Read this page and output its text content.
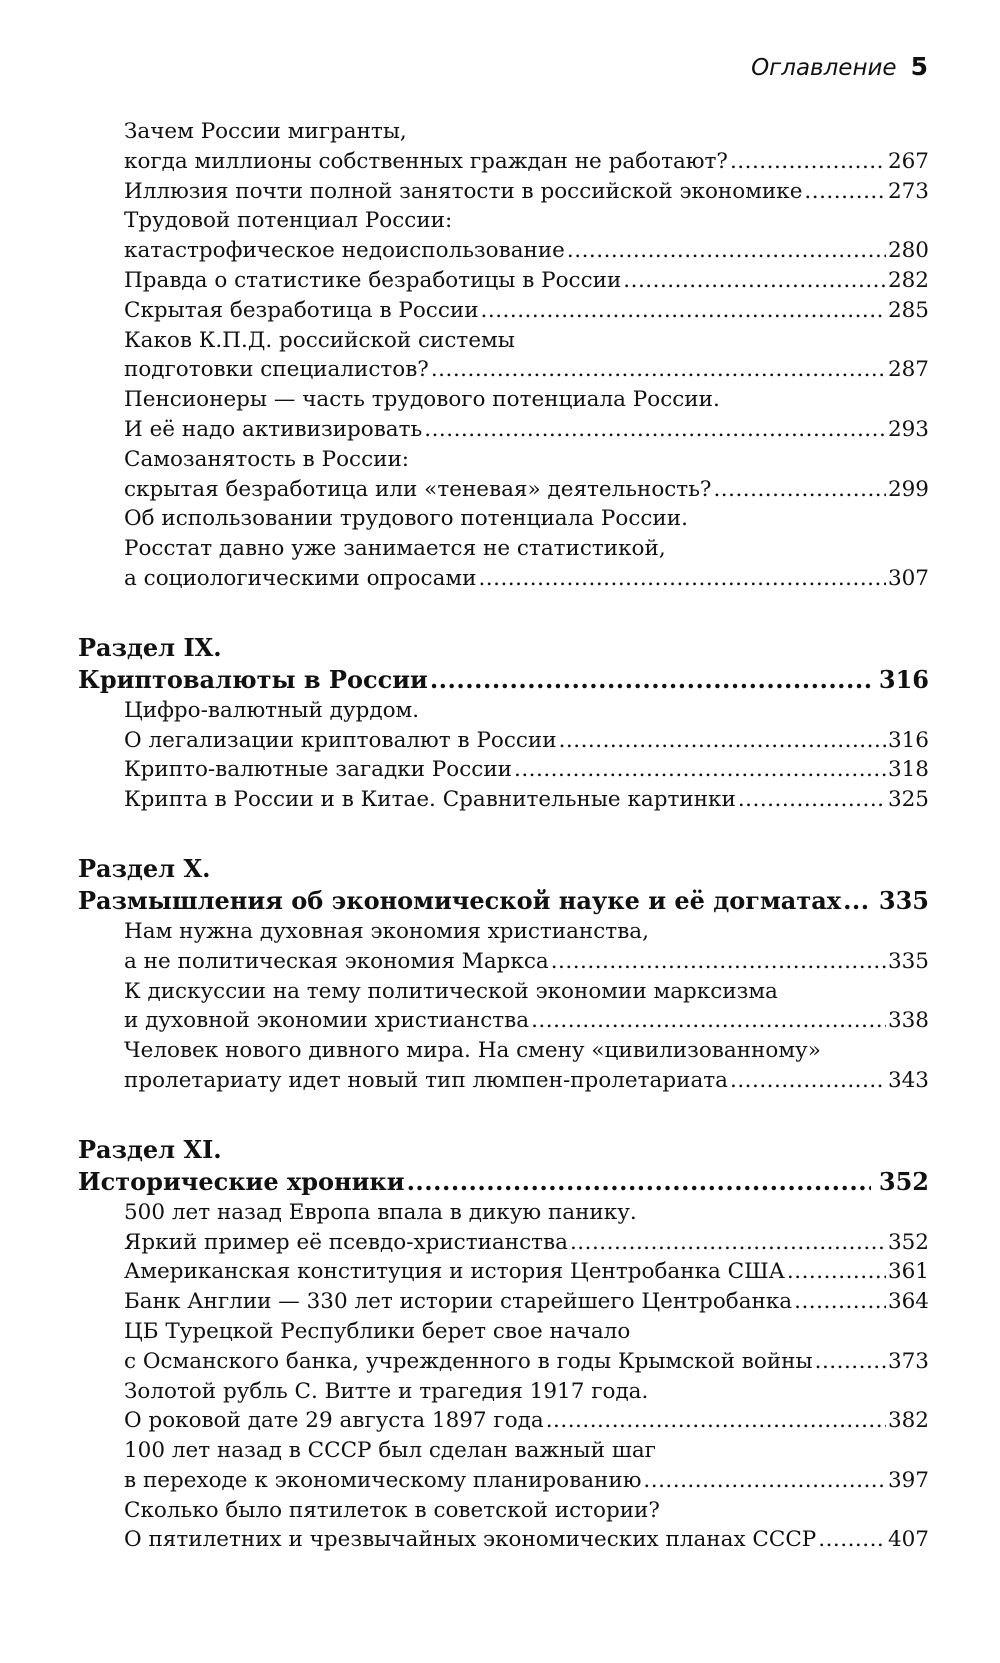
Оглавление 5
Зачем России мигранты,
когда миллионы собственных граждан не работают? .....	267
Иллюзия почти полной занятости в российской экономике .....	273
Трудовой потенциал России:
катастрофическое недоиспользование .....	280
Правда о статистике безработицы в России .....	282
Скрытая безработица в России .....	285
Каков К.П.Д. российской системы
подготовки специалистов? .....	287
Пенсионеры — часть трудового потенциала России.
И её надо активизировать .....	293
Самозанятость в России:
скрытая безработица или «теневая» деятельность? .....	299
Об использовании трудового потенциала России.
Росстат давно уже занимается не статистикой,
а социологическими опросами .....	307
Раздел IX.
Криптовалюты в России .....	316
Цифро-валютный дурдом.
О легализации криптовалют в России .....	316
Крипто-валютные загадки России .....	318
Крипта в России и в Китае. Сравнительные картинки .....	325
Раздел X.
Размышления об экономической науке и её догматах ..... 335
Нам нужна духовная экономия христианства,
а не политическая экономия Маркса .....	335
К дискуссии на тему политической экономии марксизма
и духовной экономии христианства .....	338
Человек нового дивного мира. На смену «цивилизованному»
пролетариату идет новый тип люмпен-пролетариата .....	343
Раздел XI.
Исторические хроники .....	352
500 лет назад Европа впала в дикую панику.
Яркий пример её псевдо-христианства .....	352
Американская конституция и история Центробанка США .....	361
Банк Англии — 330 лет истории старейшего Центробанка .....	364
ЦБ Турецкой Республики берет свое начало
с Османского банка, учрежденного в годы Крымской войны .....	373
Золотой рубль С. Витте и трагедия 1917 года.
О роковой дате 29 августа 1897 года .....	382
100 лет назад в СССР был сделан важный шаг
в переходе к экономическому планированию .....	397
Сколько было пятилеток в советской истории?
О пятилетних и чрезвычайных экономических планах СССР .....	407
